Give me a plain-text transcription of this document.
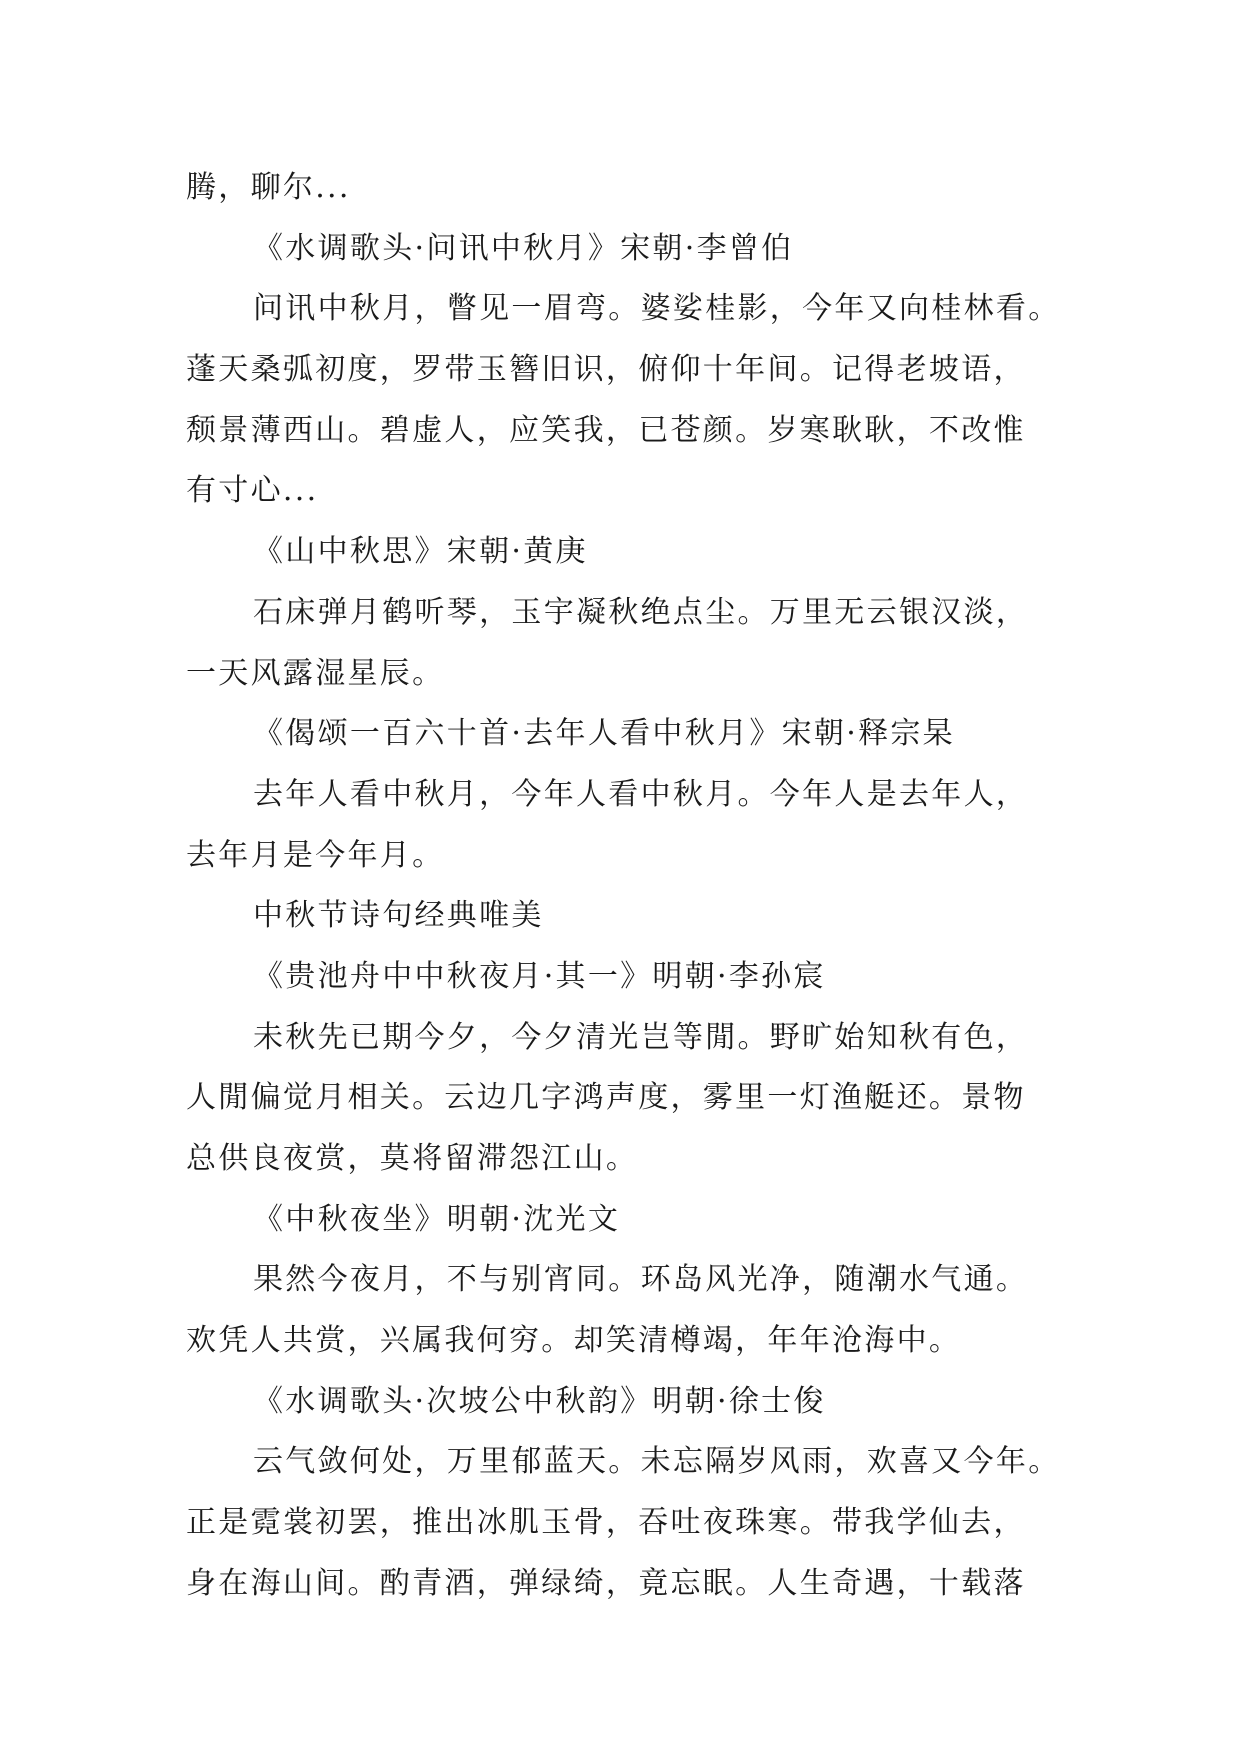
腾，聊尔...

《水调歌头·问讯中秋月》宋朝·李曾伯

问讯中秋月，瞥见一眉弯。婆娑桂影，今年又向桂林看。

蓬天桑弧初度，罗带玉簪旧识，俯仰十年间。记得老坡语，

颓景薄西山。碧虚人，应笑我，已苍颜。岁寒耿耿，不改惟

有寸心...

《山中秋思》宋朝·黄庚

石床弹月鹤听琴，玉宇凝秋绝点尘。万里无云银汉淡，

一天风露湿星辰。

《偈颂一百六十首·去年人看中秋月》宋朝·释宗杲

去年人看中秋月，今年人看中秋月。今年人是去年人，

去年月是今年月。

中秋节诗句经典唯美

《贵池舟中中秋夜月·其一》明朝·李孙宸

未秋先已期今夕，今夕清光岂等閒。野旷始知秋有色，

人閒偏觉月相关。云边几字鸿声度，雾里一灯渔艇还。景物

总供良夜赏，莫将留滞怨江山。

《中秋夜坐》明朝·沈光文

果然今夜月，不与别宵同。环岛风光净，随潮水气通。

欢凭人共赏，兴属我何穷。却笑清樽竭，年年沧海中。

《水调歌头·次坡公中秋韵》明朝·徐士俊

云气敛何处，万里郁蓝天。未忘隔岁风雨，欢喜又今年。

正是霓裳初罢，推出冰肌玉骨，吞吐夜珠寒。带我学仙去，

身在海山间。酌青酒，弹绿绮，竟忘眠。人生奇遇，十载落
